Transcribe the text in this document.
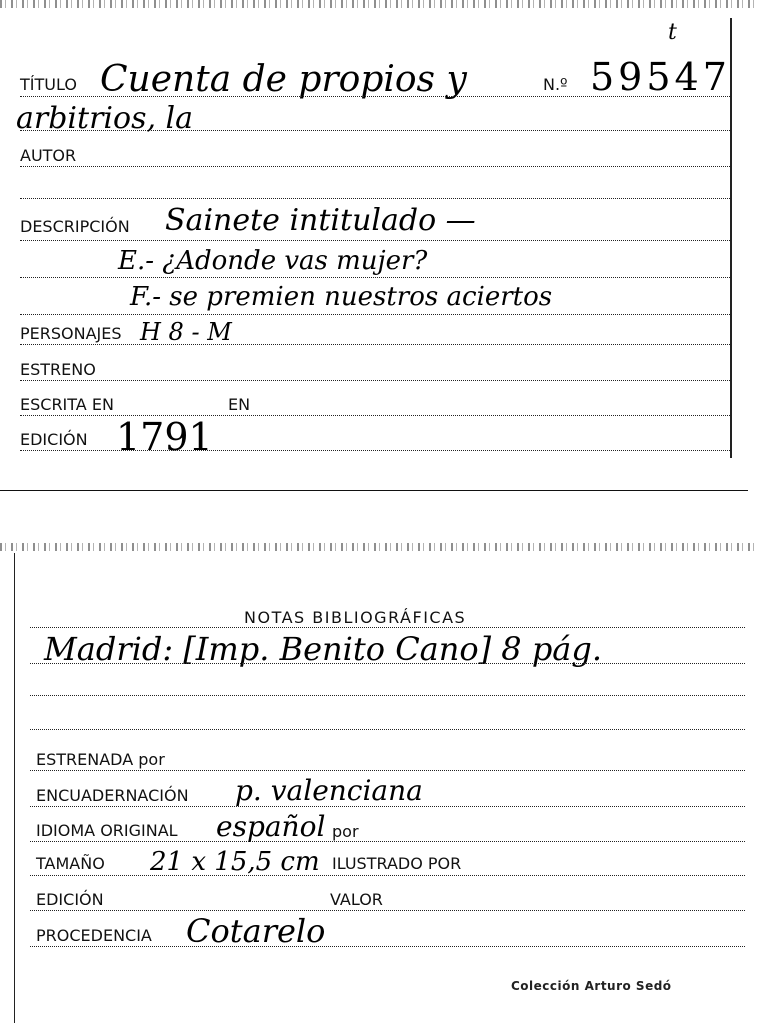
t
TÍTULO Cuenta de propios y	N.º 59547
arbitrios, la
AUTOR
DESCRIPCIÓN Sainete intitulado —
E.- ¿Adonde vas mujer?
F.- se premien nuestros aciertos
PERSONAJES H 8 - M
ESTRENO
ESCRITA EN	EN
EDICIÓN 1791
NOTAS BIBLIOGRÁFICAS
Madrid: [Imp. Benito Cano] 8 pág.
ESTRENADA por
ENCUADERNACIÓN p. valenciana
IDIOMA ORIGINAL español por
TAMAÑO 21 x 15,5 cm ILUSTRADO POR
EDICIÓN	VALOR
PROCEDENCIA Cotarelo
Colección Arturo Sedó
